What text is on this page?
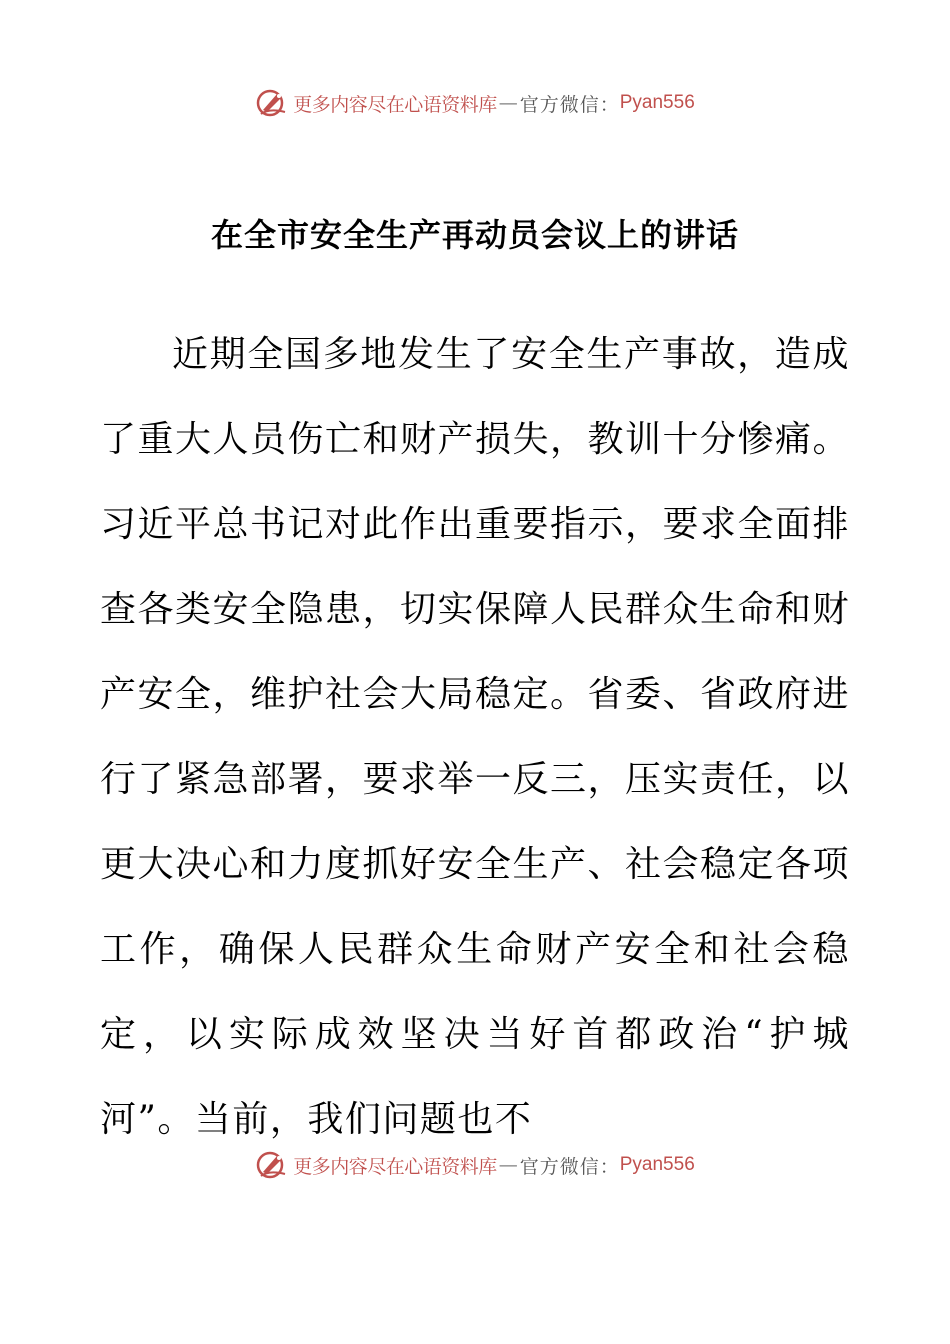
更多内容尽在心语资料库 — 官方微信： Pyan556
在全市安全生产再动员会议上的讲话

近期全国多地发生了安全生产事故，造成了重大人员伤亡和财产损失，教训十分惨痛。习近平总书记对此作出重要指示，要求全面排查各类安全隐患，切实保障人民群众生命和财产安全，维护社会大局稳定。省委、省政府进行了紧急部署，要求举一反三，压实责任，以更大决心和力度抓好安全生产、社会稳定各项工作，确保人民群众生命财产安全和社会稳定，以实际成效坚决当好首都政治“护城河”。当前，我们问题也不

更多内容尽在心语资料库 — 官方微信： Pyan556
